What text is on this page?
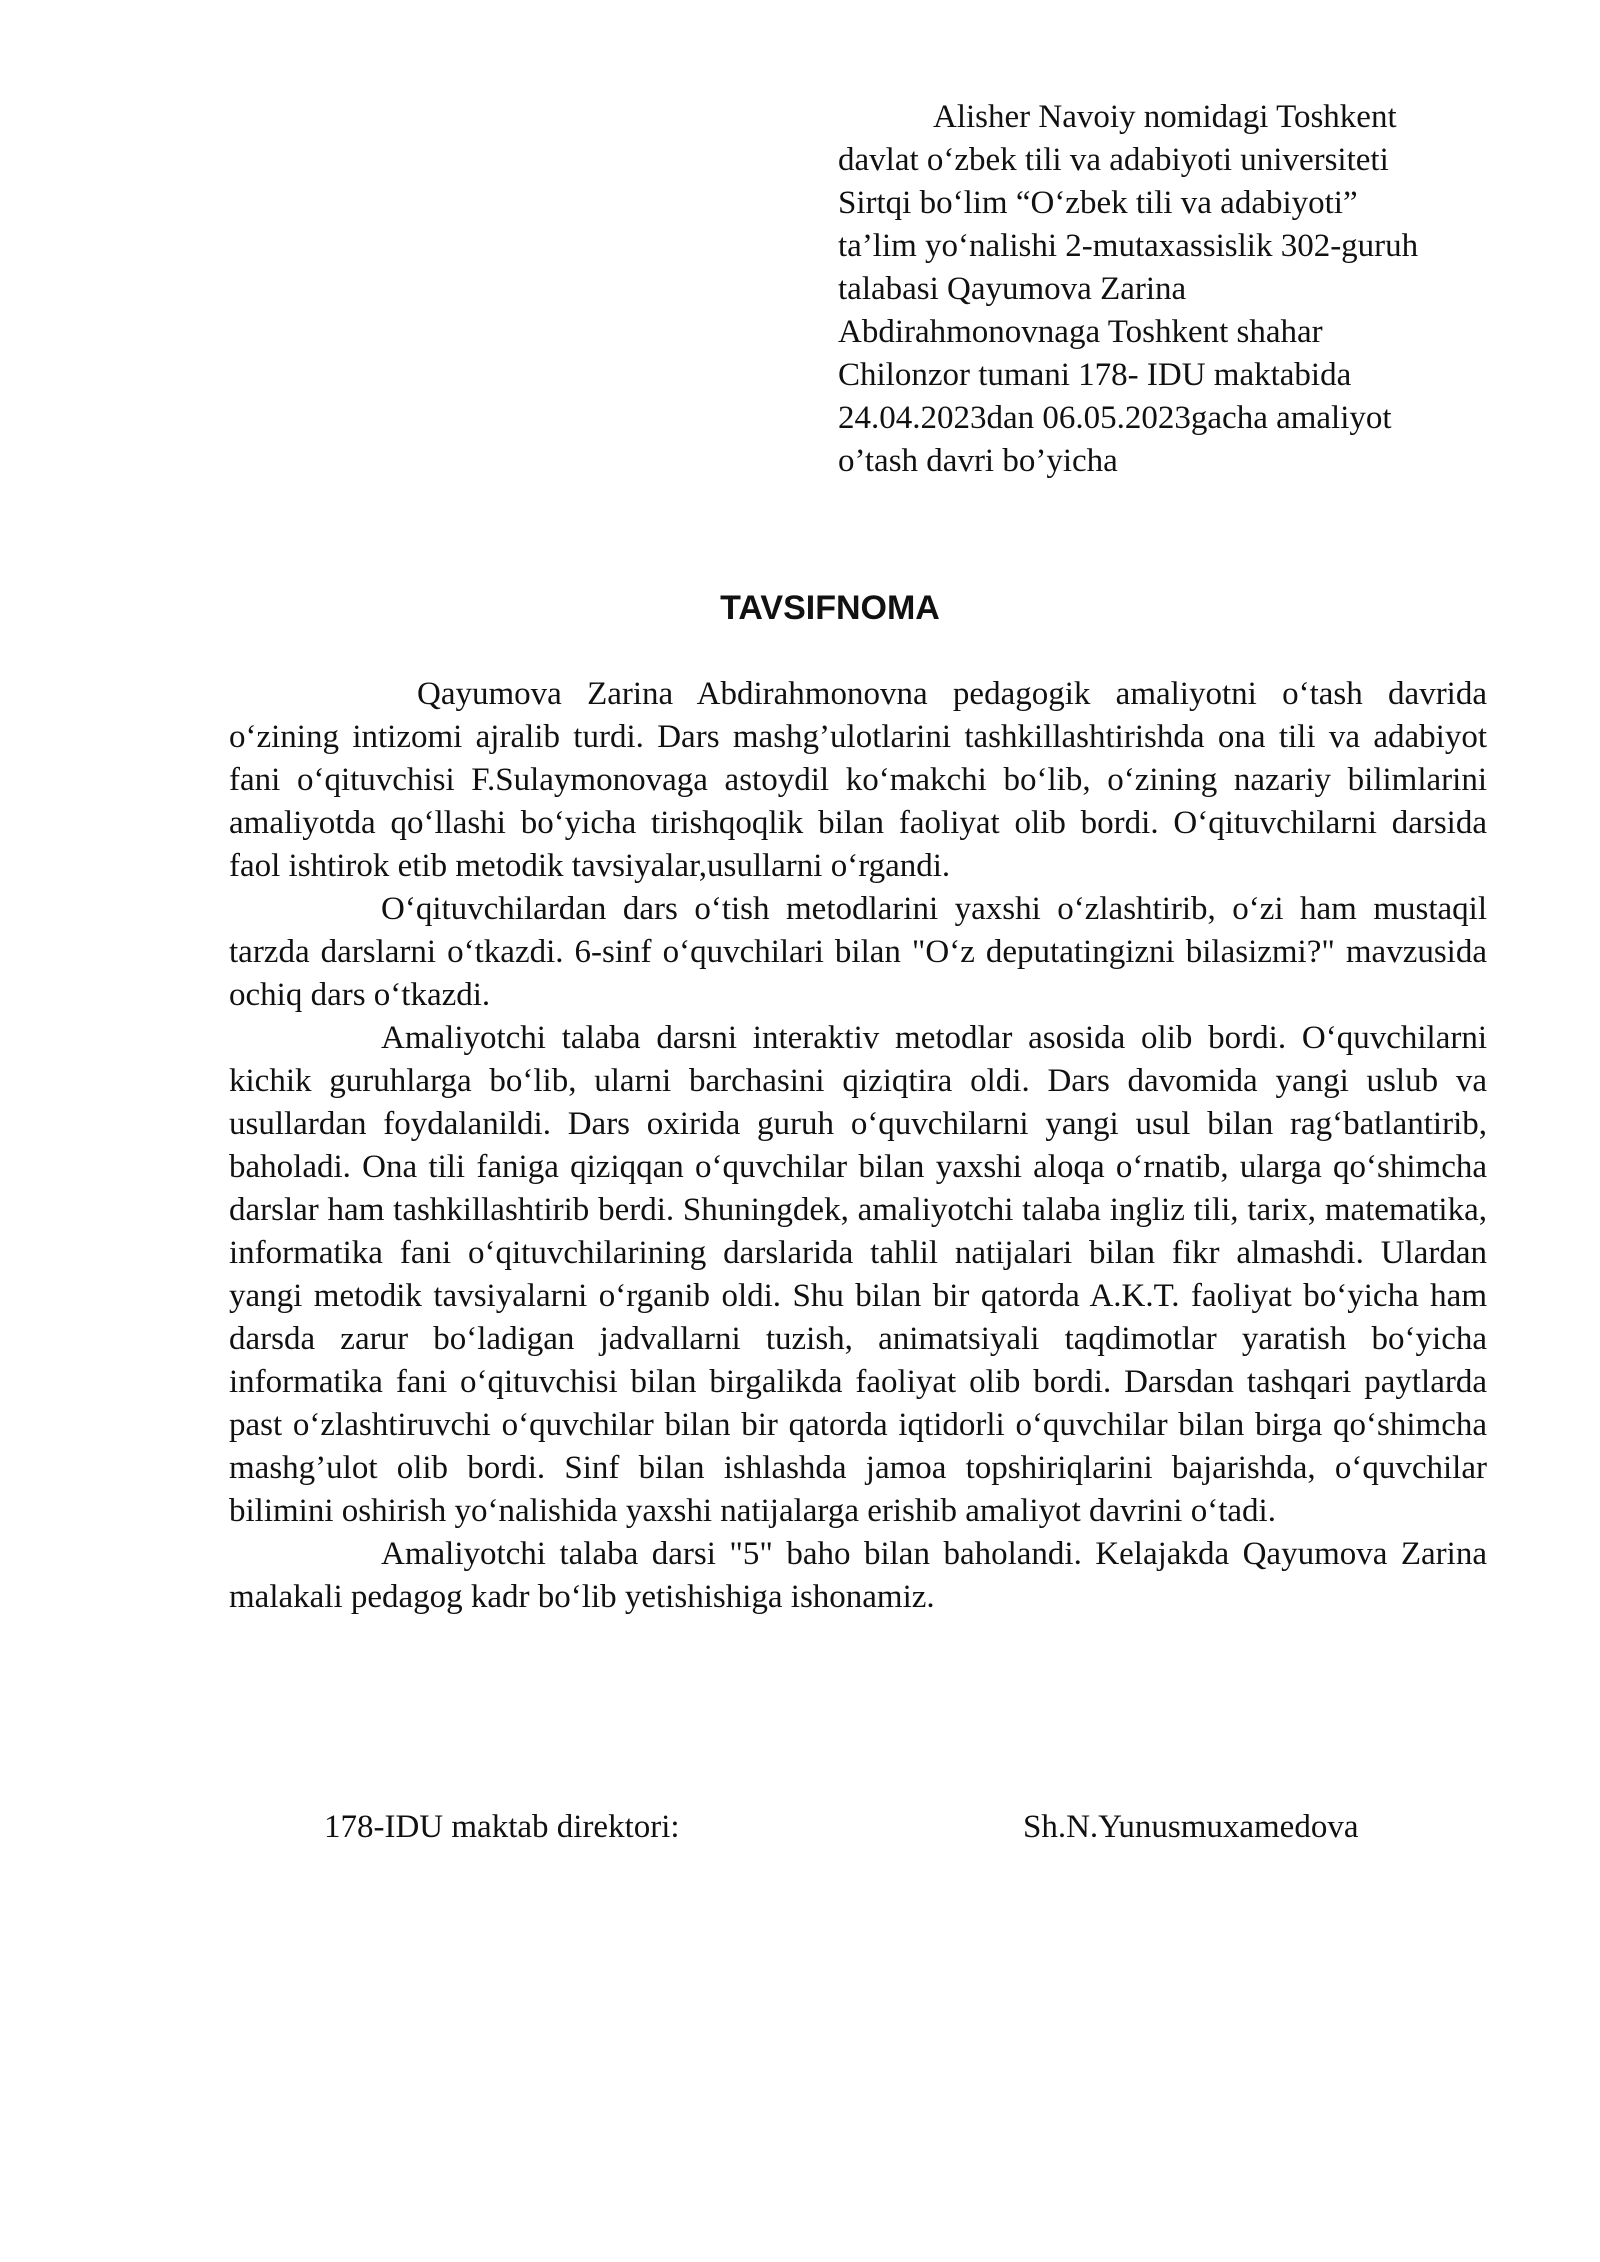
Alisher Navoiy nomidagi Toshkent
davlat o‘zbek tili va adabiyoti universiteti
Sirtqi bo‘lim “O‘zbek tili va adabiyoti”
ta’lim yo‘nalishi 2-mutaxassislik 302-guruh
talabasi Qayumova Zarina
Abdirahmonovnaga Toshkent shahar
Chilonzor tumani 178- IDU maktabida
24.04.2023dan 06.05.2023gacha amaliyot
o’tash davri bo’yicha
TAVSIFNOMA

Qayumova Zarina Abdirahmonovna pedagogik amaliyotni o‘tash davrida o‘zining intizomi ajralib turdi. Dars mashg’ulotlarini tashkillashtirishda ona tili va adabiyot fani o‘qituvchisi F.Sulaymonovaga astoydil ko‘makchi bo‘lib, o‘zining nazariy bilimlarini amaliyotda qo‘llashi bo‘yicha tirishqoqlik bilan faoliyat olib bordi. O‘qituvchilarni darsida faol ishtirok etib metodik tavsiyalar,usullarni o‘rgandi.

O‘qituvchilardan dars o‘tish metodlarini yaxshi o‘zlashtirib, o‘zi ham mustaqil tarzda darslarni o‘tkazdi. 6-sinf o‘quvchilari bilan "O‘z deputatingizni bilasizmi?" mavzusida ochiq dars o‘tkazdi.

Amaliyotchi talaba darsni interaktiv metodlar asosida olib bordi. O‘quvchilarni kichik guruhlarga bo‘lib, ularni barchasini qiziqtira oldi. Dars davomida yangi uslub va usullardan foydalanildi. Dars oxirida guruh o‘quvchilarni yangi usul bilan rag‘batlantirib, baholadi. Ona tili faniga qiziqqan o‘quvchilar bilan yaxshi aloqa o‘rnatib, ularga qo‘shimcha darslar ham tashkillashtirib berdi. Shuningdek, amaliyotchi talaba ingliz tili, tarix, matematika, informatika fani o‘qituvchilarining darslarida tahlil natijalari bilan fikr almashdi. Ulardan yangi metodik tavsiyalarni o‘rganib oldi. Shu bilan bir qatorda A.K.T. faoliyat bo‘yicha ham darsda zarur bo‘ladigan jadvallarni tuzish, animatsiyali taqdimotlar yaratish bo‘yicha informatika fani o‘qituvchisi bilan birgalikda faoliyat olib bordi. Darsdan tashqari paytlarda past o‘zlashtiruvchi o‘quvchilar bilan bir qatorda iqtidorli o‘quvchilar bilan birga qo‘shimcha mashg’ulot olib bordi. Sinf bilan ishlashda jamoa topshiriqlarini bajarishda, o‘quvchilar bilimini oshirish yo‘nalishida yaxshi natijalarga erishib amaliyot davrini o‘tadi.

Amaliyotchi talaba darsi "5" baho bilan baholandi. Kelajakda Qayumova Zarina malakali pedagog kadr bo‘lib yetishishiga ishonamiz.

178-IDU maktab direktori:	Sh.N.Yunusmuxamedova
